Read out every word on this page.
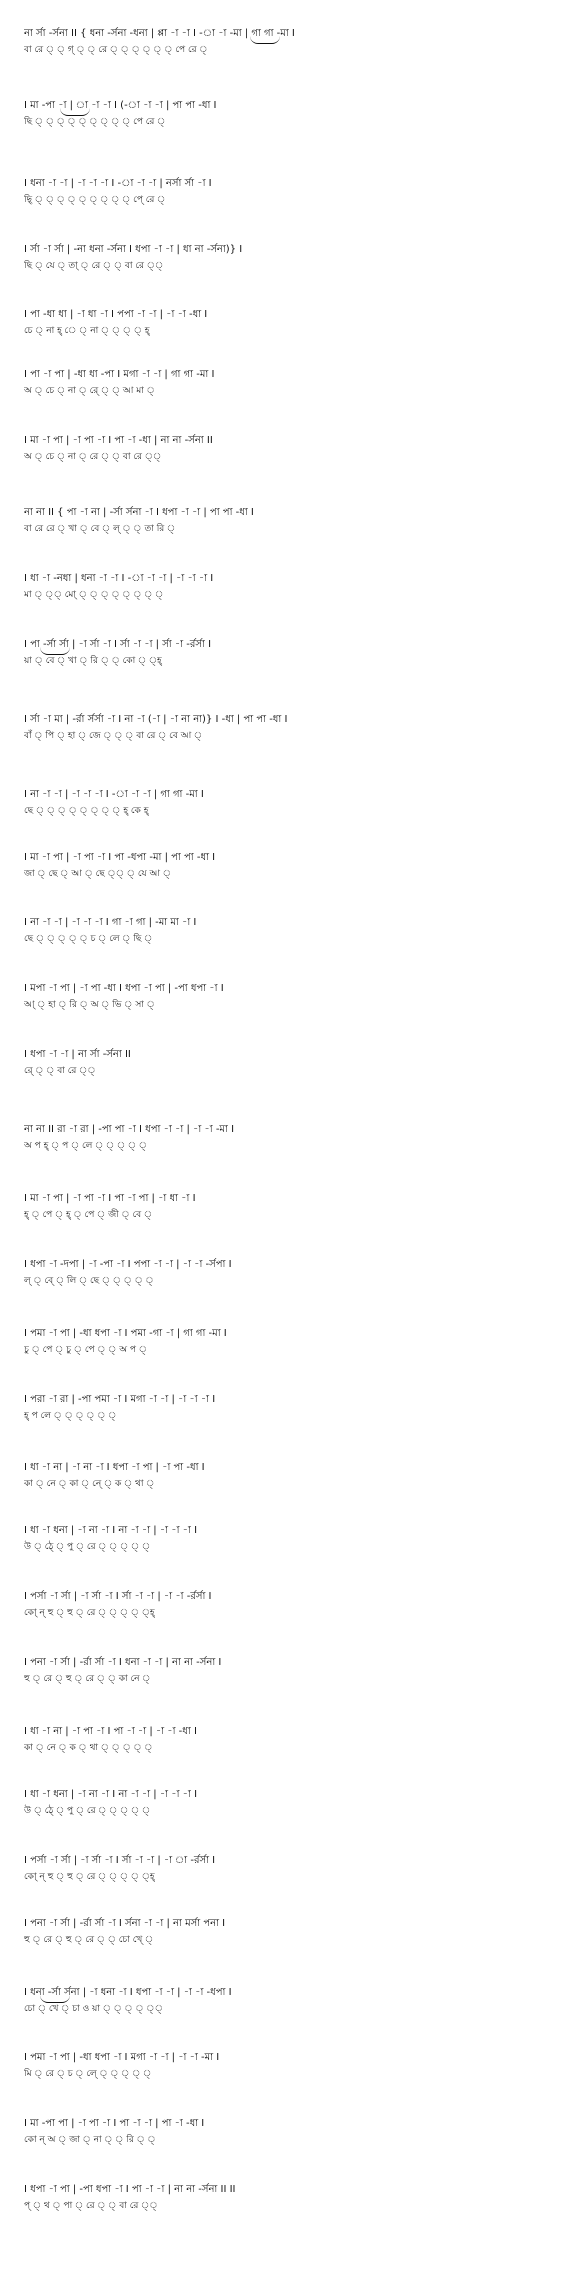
না র্সা -র্সনা II { ধনা -র্সনা -ধনা | প্পা -া -া I -া -া -মা | গা গা -মা I
বা রে ্ ্ গ্ ্ ্ রে ্ ্ ্ ্ ্ ্ পে রে ্
I মা -পা -া | া -া -া I (-া -া -া | পা পা -ধা I
ছি ্ ্ ্ ্ ্ ্ ্ ্ ্ পে রে ্
I ধনা -া -া | -া -া -া I -া -া -া | নর্সা র্সা -া I
ছি্ ্ ্ ্ ্ ্ ্ ্ ্ ্ পে্ রে ্
I র্সা -া র্সা | -না ধনা -র্সনা I ধপা -া -া | ধা না -র্সনা)} I
ছি ্ যে ্ তা্ ্ রে ্ ্ বা রে ্্
I পা -ধা ধা | -া ধা -া I পপা -া -া | -া -া -ধা I
চে ্ না হ্ ে ্ না ্ ্ ্ ্ হ্
I পা -া পা | -ধা ধা -পা I মগা -া -া | গা গা -মা I
অ ্ চে ্ না ্ রে্ ্ ্ আ মা ্
I মা -া পা | -া পা -া I পা -া -ধা | না না -র্সনা II
অ ্ চে ্ না ্ রে ্ ্ বা রে ্্
না না II { পা -া না | -র্সা র্সনা -া I ধপা -া -া | পা পা -ধা I
বা রে রে ্ খা ্ বে ্ ল্ ্ ্ তা রি ্
I ধা -া -নধা | ধনা -া -া I -া -া -া | -া -া -া I
মা ্ ্্ মো্ ্ ্ ্ ্ ্ ্ ্ ্
I পা -র্সা র্সা | -া র্সা -া I র্সা -া -া | র্সা -া -র্রর্সা I
য়া ্ বে ্ খা ্ রি ্ ্ কো ্ ্হ্
I র্সা -া মা | -র্রা র্সর্সা -া I না -া (-া | -া না না)} I -ধা | পা পা -ধা I
বাঁ ্ পি ্ হা ্ জে ্ ্ ্ বা রে ্ বে আ ্
I না -া -া | -া -া -া I -া -া -া | গা গা -মা I
ছে ্ ্ ্ ্ ্ ্ ্ ্ হ্ কে হ্
I মা -া পা | -া পা -া I পা -ধপা -মা | পা পা -ধা I
জা ্ ছে ্ আ ্ ছে ্্ ্ যে আ ্
I না -া -া | -া -া -া I গা -া গা | -মা মা -া I
ছে ্ ্ ্ ্ ্ চ ্ লে ্ ছি ্
I মপা -া পা | -া পা -ধা I ধপা -া পা | -পা ধপা -া I
আ্ ্ হা ্ রি ্ অ ্ ভি ্ সা ্
I ধপা -া -া | না র্সা -র্সনা II
রে্ ্ ্ বা রে ্্
না না II রা -া রা | -পা পা -া I ধপা -া -া | -া -া -মা I
অ প হ্ ্ প ্ লে ্ ্ ্ ্ ্
I মা -া পা | -া পা -া I পা -া পা | -া ধা -া I
হ্ ্ পে ্ হ্ ্ পে ্ জী ্ বে ্
I ধপা -া -দপা | -া -পা -া I পপা -া -া | -া -া -র্সপা I
ল্ ্ বে্ ্ লি ্ ছে ্ ্ ্ ্ ্
I পমা -া পা | -ধা ধপা -া I পমা -গা -া | গা গা -মা I
চু ্ পে ্ চু ্ পে ্ ্ অ প ্
I পরা -া রা | -পা পমা -া I মগা -া -া | -া -া -া I
হ্ প লে ্ ্ ্ ্ ্ ্
I ধা -া না | -া না -া I ধপা -া পা | -া পা -ধা I
কা ্ নে ্ কা ্ নে্ ্ ক ্ থা ্
I ধা -া ধনা | -া না -া I না -া -া | -া -া -া I
উ ্ ঠে্ ্ পু ্ রে ্ ্ ্ ্ ্
I পর্সা -া র্সা | -া র্সা -া I র্সা -া -া | -া -া -র্রর্সা I
কো্ ন্ হু ্ হু ্ রে ্ ্ ্ ্ ্হ্
I পনা -া র্সা | -র্রা র্সা -া I ধনা -া -া | না না -র্সনা I
হু ্ রে ্ হু ্ রে ্ ্ কা নে ্
I ধা -া না | -া পা -া I পা -া -া | -া -া -ধা I
কা ্ নে ্ ক ্ থা ্ ্ ্ ্ ্
I ধা -া ধনা | -া না -া I না -া -া | -া -া -া I
উ ্ ঠে্ ্ পু ্ রে ্ ্ ্ ্ ্
I পর্সা -া র্সা | -া র্সা -া I র্সা -া -া | -া া -র্রর্সা I
কো্ ন্ হু ্ হু ্ রে ্ ্ ্ ্ ্হ্
I পনা -া র্সা | -র্রা র্সা -া I র্সনা -া -া | না মর্সা পনা I
হু ্ রে ্ হু ্ রে ্ ্ চো খে্ ্
I ধনা -র্সা র্সনা | -া ধনা -া I ধপা -া -া | -া -া -ধপা I
চো ্ খে ্ চা ও য়া ্ ্ ্ ্ ্্
I পমা -া পা | -ধা ধপা -া I মগা -া -া | -া -া -মা I
মি ্ রে ্ চ ্ লে্ ্ ্ ্ ্ ্
I মা -পা পা | -া পা -া I পা -া -া | পা -া -ধা I
কো ন্ অ ্ জা ্ না ্ ্ রি ্ ্
I ধপা -া পা | -পা ধপা -া I পা -া -া | না না -র্সনা II II
প্ ্ থ ্ পা ্ রে ্ ্ বা রে ্্
